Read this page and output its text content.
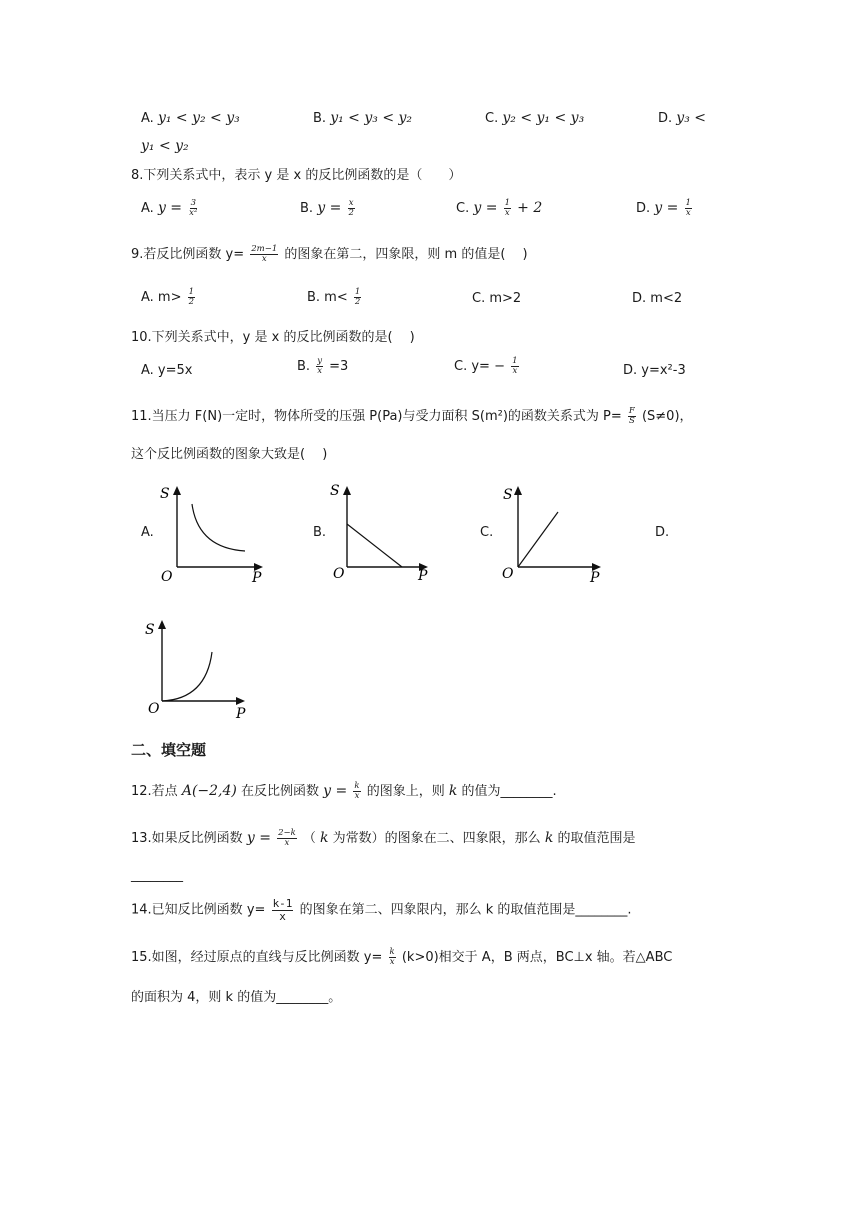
A. y₁ < y₂ < y₃	B. y₁ < y₃ < y₂	C. y₂ < y₁ < y₃	D. y₃ <
y₁ < y₂
8.下列关系式中，表示 y 是 x 的反比例函数的是（　　）
A. $y = \frac{3}{\text{x²}}$	B. $y = \frac{x}{2}$	C. $y = \frac{1}{x} + 2$	D. $y = \frac{1}{x}$
9.若反比例函数 $y= \frac{2m-1}{x}$ 的图象在第二，四象限，则 m 的值是(　 )
A. $m> \frac{1}{2}$	B. $m< \frac{1}{2}$	C. m>2	D. m<2
10.下列关系式中，y 是 x 的反比例函数的是(　 )
A. y=5x	B. $\frac{y}{x} =3$	C. $y= - \frac{1}{x}$	D. y=x²-3
11.当压力 F(N)一定时，物体所受的压强 P(Pa)与受力面积 S(m²)的函数关系式为 $P= \frac{F}{S} (S\ne 0)$，
这个反比例函数的图象大致是(　 )
A.	B.	C.	D.
S
O	P
S
O	P
S
O	P
S
O	P
二、填空题
12.若点 A(−2,4) 在反比例函数 $y = \frac{k}{x}$ 的图象上，则 k 的值为________.
13.如果反比例函数 $y = \frac{2-k}{x}$ （ k 为常数）的图象在二、四象限，那么 k 的取值范围是
________
14.已知反比例函数 $y= \frac{k-1}{x}$ 的图象在第二、四象限内，那么 k 的取值范围是________.
15.如图，经过原点的直线与反比例函数 $y= \frac{k}{x} (k>0)$相交于 A，B 两点，BC⊥x 轴。若△ABC
的面积为 4，则 k 的值为________。
